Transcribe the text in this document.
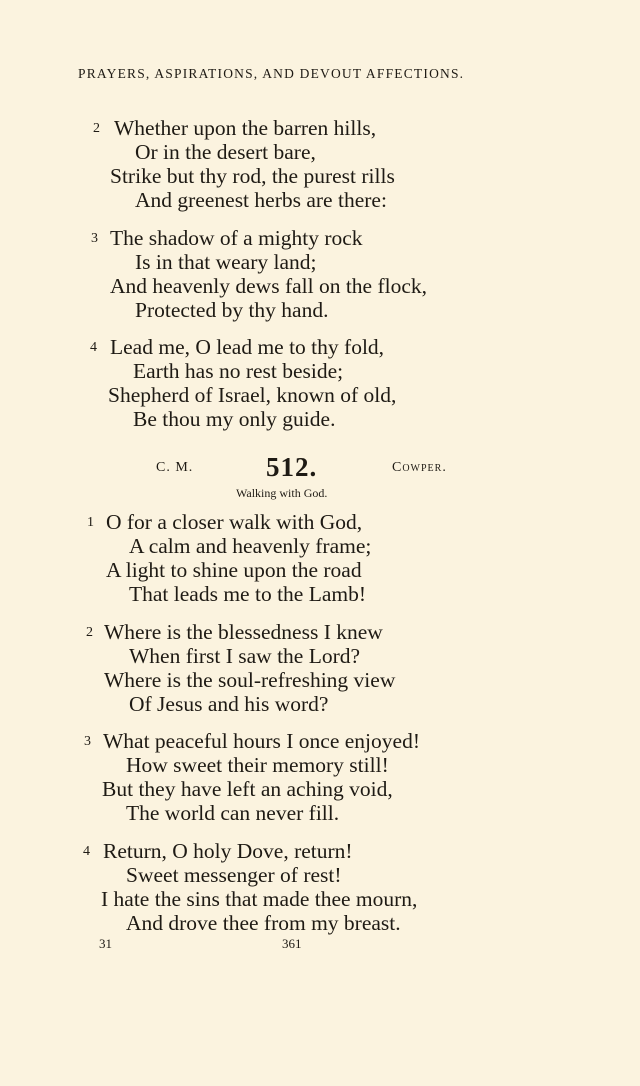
PRAYERS, ASPIRATIONS, AND DEVOUT AFFECTIONS.
2 Whether upon the barren hills,
Or in the desert bare,
Strike but thy rod, the purest rills
And greenest herbs are there:
3 The shadow of a mighty rock
Is in that weary land;
And heavenly dews fall on the flock,
Protected by thy hand.
4 Lead me, O lead me to thy fold,
Earth has no rest beside;
Shepherd of Israel, known of old,
Be thou my only guide.
C. M.	512.	Cowper.
Walking with God.
1 O for a closer walk with God,
A calm and heavenly frame;
A light to shine upon the road
That leads me to the Lamb!
2 Where is the blessedness I knew
When first I saw the Lord?
Where is the soul-refreshing view
Of Jesus and his word?
3 What peaceful hours I once enjoyed!
How sweet their memory still!
But they have left an aching void,
The world can never fill.
4 Return, O holy Dove, return!
Sweet messenger of rest!
I hate the sins that made thee mourn,
And drove thee from my breast.
31	361
